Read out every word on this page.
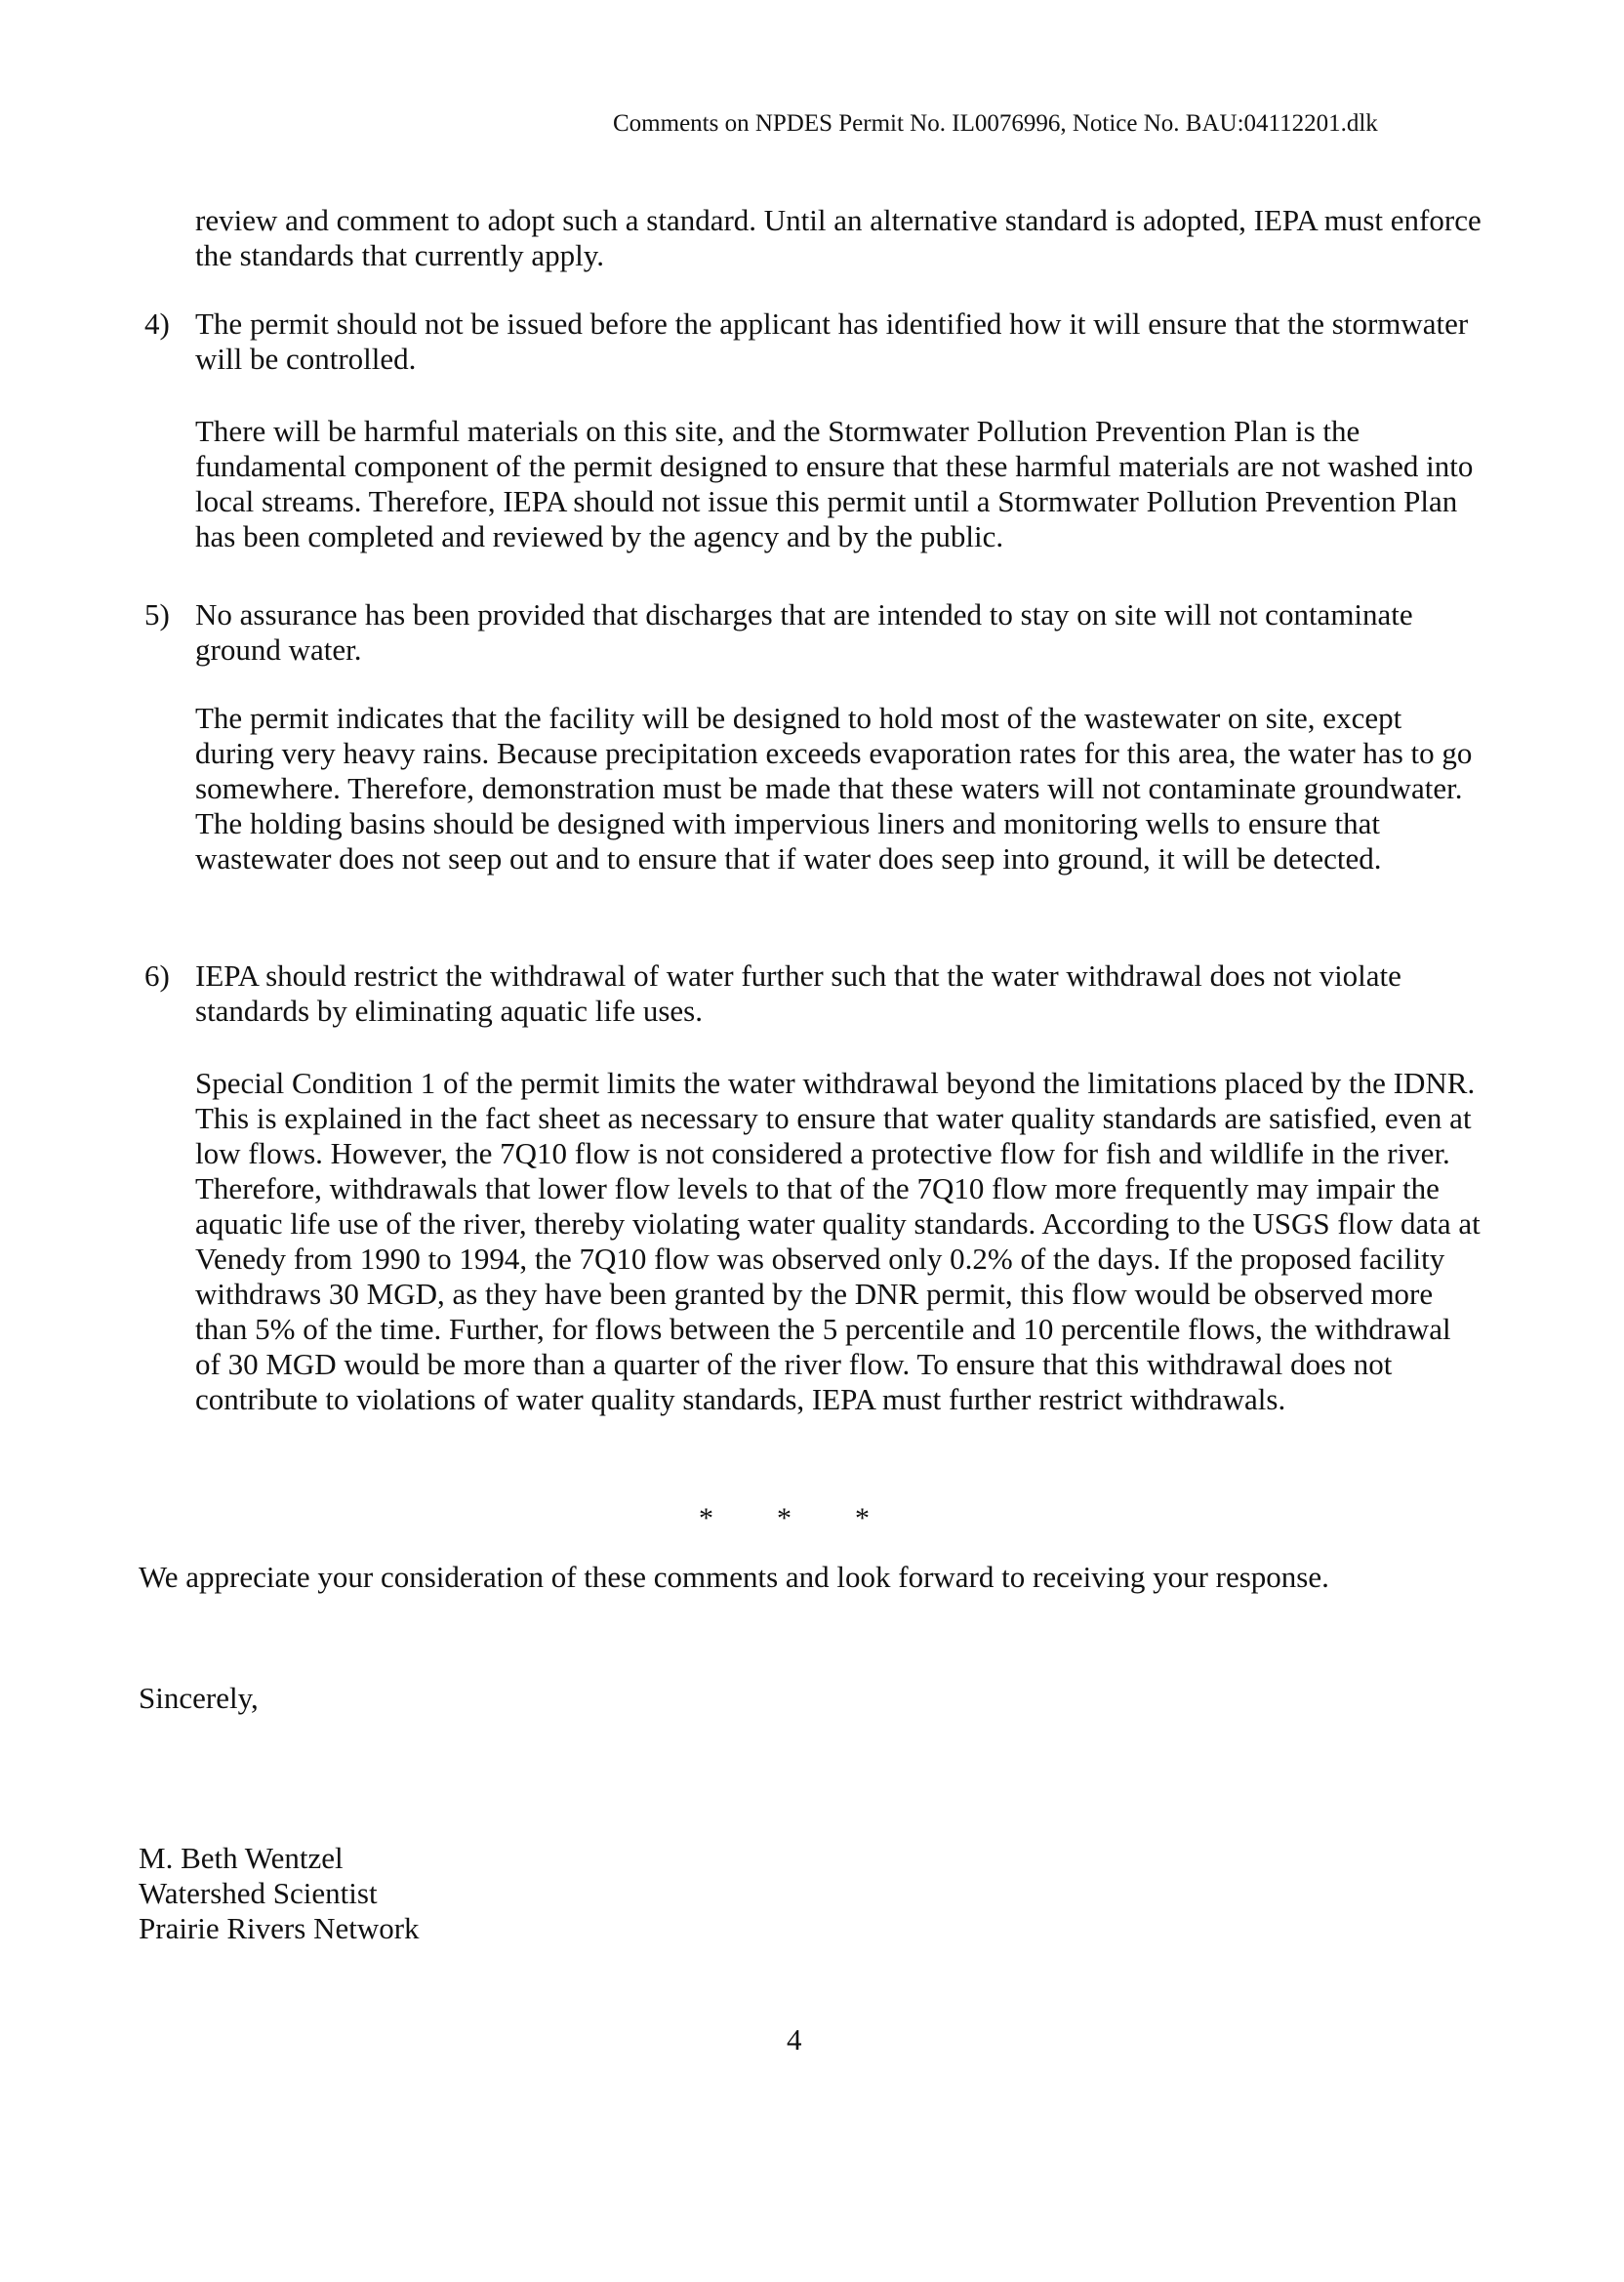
Comments on NPDES Permit No. IL0076996, Notice No. BAU:04112201.dlk

review and comment to adopt such a standard. Until an alternative standard is adopted, IEPA must enforce the standards that currently apply.

4) The permit should not be issued before the applicant has identified how it will ensure that the stormwater will be controlled.

There will be harmful materials on this site, and the Stormwater Pollution Prevention Plan is the fundamental component of the permit designed to ensure that these harmful materials are not washed into local streams. Therefore, IEPA should not issue this permit until a Stormwater Pollution Prevention Plan has been completed and reviewed by the agency and by the public.

5) No assurance has been provided that discharges that are intended to stay on site will not contaminate ground water.

The permit indicates that the facility will be designed to hold most of the wastewater on site, except during very heavy rains. Because precipitation exceeds evaporation rates for this area, the water has to go somewhere. Therefore, demonstration must be made that these waters will not contaminate groundwater. The holding basins should be designed with impervious liners and monitoring wells to ensure that wastewater does not seep out and to ensure that if water does seep into ground, it will be detected.

6) IEPA should restrict the withdrawal of water further such that the water withdrawal does not violate standards by eliminating aquatic life uses.

Special Condition 1 of the permit limits the water withdrawal beyond the limitations placed by the IDNR. This is explained in the fact sheet as necessary to ensure that water quality standards are satisfied, even at low flows. However, the 7Q10 flow is not considered a protective flow for fish and wildlife in the river. Therefore, withdrawals that lower flow levels to that of the 7Q10 flow more frequently may impair the aquatic life use of the river, thereby violating water quality standards. According to the USGS flow data at Venedy from 1990 to 1994, the 7Q10 flow was observed only 0.2% of the days. If the proposed facility withdraws 30 MGD, as they have been granted by the DNR permit, this flow would be observed more than 5% of the time. Further, for flows between the 5 percentile and 10 percentile flows, the withdrawal of 30 MGD would be more than a quarter of the river flow. To ensure that this withdrawal does not contribute to violations of water quality standards, IEPA must further restrict withdrawals.

* * *

We appreciate your consideration of these comments and look forward to receiving your response.

Sincerely,
M. Beth Wentzel
Watershed Scientist
Prairie Rivers Network
4
